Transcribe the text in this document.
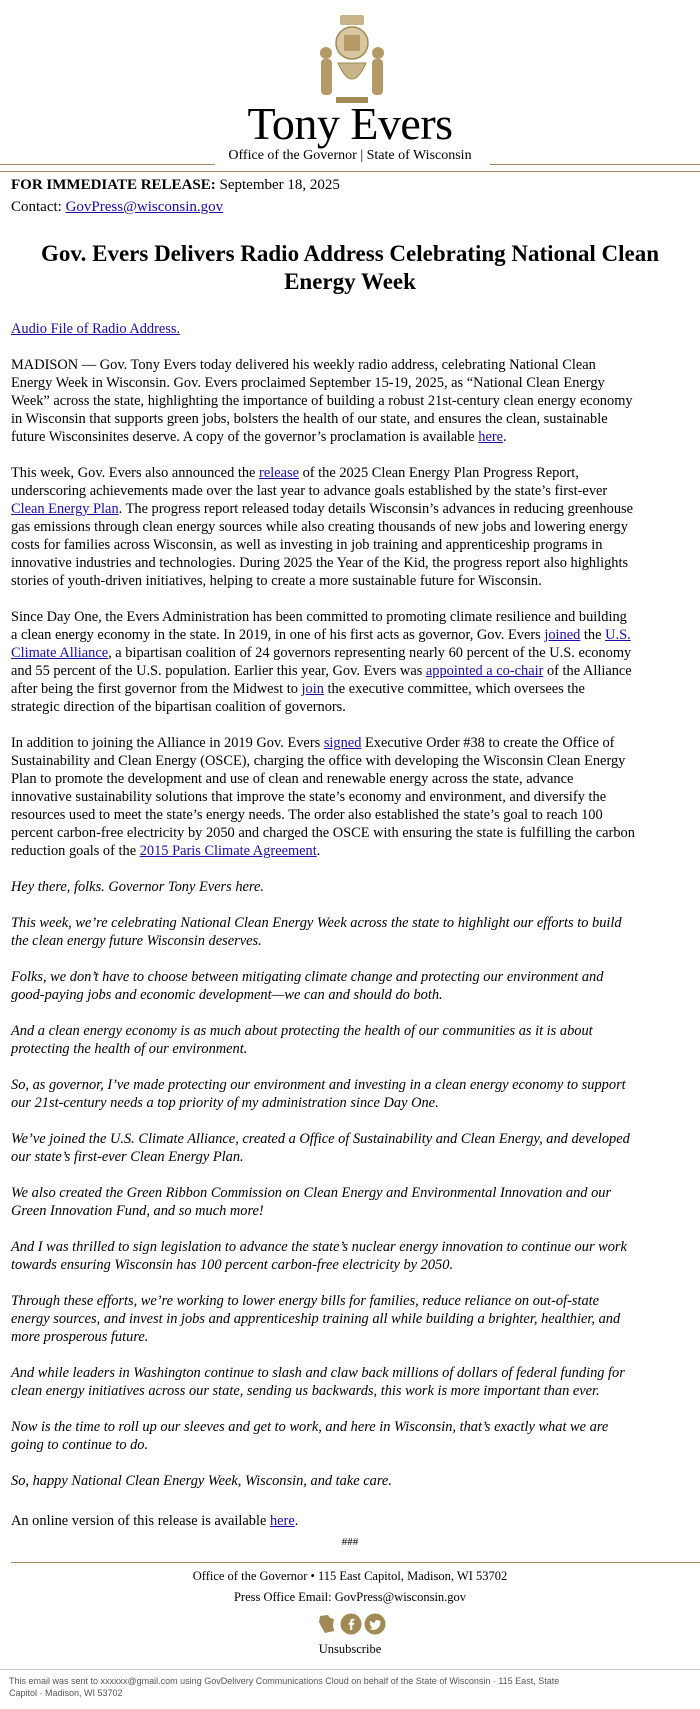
Tony Evers
Office of the Governor | State of Wisconsin
FOR IMMEDIATE RELEASE: September 18, 2025
Contact: GovPress@wisconsin.gov
Gov. Evers Delivers Radio Address Celebrating National Clean Energy Week

Audio File of Radio Address.

MADISON — Gov. Tony Evers today delivered his weekly radio address, celebrating National Clean
Energy Week in Wisconsin. Gov. Evers proclaimed September 15-19, 2025, as “National Clean Energy
Week” across the state, highlighting the importance of building a robust 21st-century clean energy economy
in Wisconsin that supports green jobs, bolsters the health of our state, and ensures the clean, sustainable
future Wisconsinites deserve. A copy of the governor’s proclamation is available here.

This week, Gov. Evers also announced the release of the 2025 Clean Energy Plan Progress Report,
underscoring achievements made over the last year to advance goals established by the state’s first-ever
Clean Energy Plan. The progress report released today details Wisconsin’s advances in reducing greenhouse
gas emissions through clean energy sources while also creating thousands of new jobs and lowering energy
costs for families across Wisconsin, as well as investing in job training and apprenticeship programs in
innovative industries and technologies. During 2025 the Year of the Kid, the progress report also highlights
stories of youth-driven initiatives, helping to create a more sustainable future for Wisconsin.

Since Day One, the Evers Administration has been committed to promoting climate resilience and building
a clean energy economy in the state. In 2019, in one of his first acts as governor, Gov. Evers joined the U.S.
Climate Alliance, a bipartisan coalition of 24 governors representing nearly 60 percent of the U.S. economy
and 55 percent of the U.S. population. Earlier this year, Gov. Evers was appointed a co-chair of the Alliance
after being the first governor from the Midwest to join the executive committee, which oversees the
strategic direction of the bipartisan coalition of governors.

In addition to joining the Alliance in 2019 Gov. Evers signed Executive Order #38 to create the Office of
Sustainability and Clean Energy (OSCE), charging the office with developing the Wisconsin Clean Energy
Plan to promote the development and use of clean and renewable energy across the state, advance
innovative sustainability solutions that improve the state’s economy and environment, and diversify the
resources used to meet the state’s energy needs. The order also established the state’s goal to reach 100
percent carbon-free electricity by 2050 and charged the OSCE with ensuring the state is fulfilling the carbon
reduction goals of the 2015 Paris Climate Agreement.

Hey there, folks. Governor Tony Evers here.

This week, we’re celebrating National Clean Energy Week across the state to highlight our efforts to build
the clean energy future Wisconsin deserves.

Folks, we don’t have to choose between mitigating climate change and protecting our environment and
good-paying jobs and economic development—we can and should do both.

And a clean energy economy is as much about protecting the health of our communities as it is about
protecting the health of our environment.

So, as governor, I’ve made protecting our environment and investing in a clean energy economy to support
our 21st-century needs a top priority of my administration since Day One.

We’ve joined the U.S. Climate Alliance, created a Office of Sustainability and Clean Energy, and developed
our state’s first-ever Clean Energy Plan.

We also created the Green Ribbon Commission on Clean Energy and Environmental Innovation and our
Green Innovation Fund, and so much more!

And I was thrilled to sign legislation to advance the state’s nuclear energy innovation to continue our work
towards ensuring Wisconsin has 100 percent carbon-free electricity by 2050.

Through these efforts, we’re working to lower energy bills for families, reduce reliance on out-of-state
energy sources, and invest in jobs and apprenticeship training all while building a brighter, healthier, and
more prosperous future.

And while leaders in Washington continue to slash and claw back millions of dollars of federal funding for
clean energy initiatives across our state, sending us backwards, this work is more important than ever.

Now is the time to roll up our sleeves and get to work, and here in Wisconsin, that’s exactly what we are
going to continue to do.

So, happy National Clean Energy Week, Wisconsin, and take care.

An online version of this release is available here.

###
Office of the Governor • 115 East Capitol, Madison, WI 53702
Press Office Email: GovPress@wisconsin.gov
Unsubscribe
This email was sent to xxxxxx@gmail.com using GovDelivery Communications Cloud on behalf of the State of Wisconsin · 115 East, State
Capitol · Madison, WI 53702
